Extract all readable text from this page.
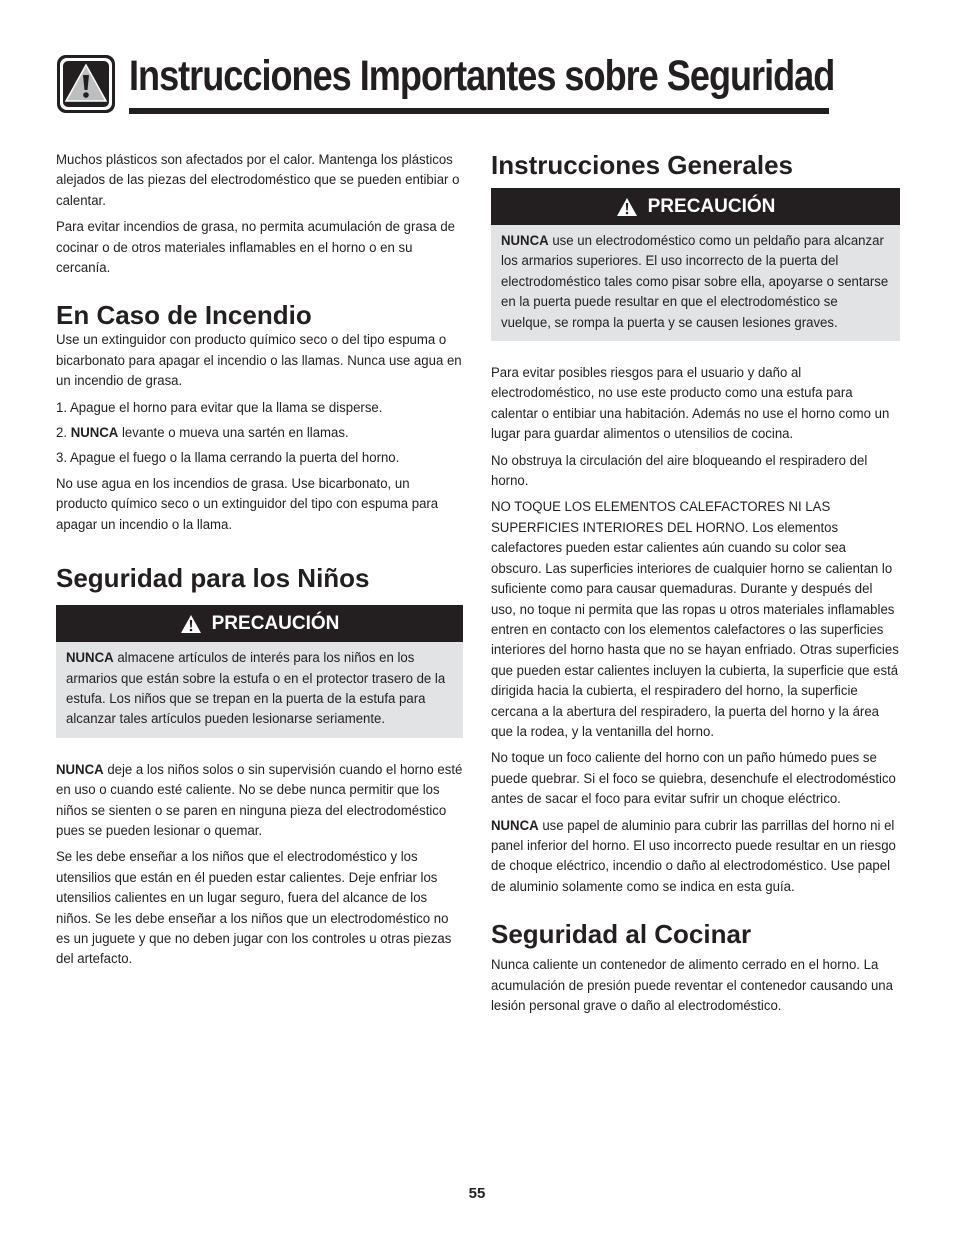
Instrucciones Importantes sobre Seguridad

Muchos plásticos son afectados por el calor. Mantenga los plásticos alejados de las piezas del electrodoméstico que se pueden entibiar o calentar.

Para evitar incendios de grasa, no permita acumulación de grasa de cocinar o de otros materiales inflamables en el horno o en su cercanía.

En Caso de Incendio

Use un extinguidor con producto químico seco o del tipo espuma o bicarbonato para apagar el incendio o las llamas. Nunca use agua en un incendio de grasa.

1. Apague el horno para evitar que la llama se disperse.
2. NUNCA levante o mueva una sartén en llamas.
3. Apague el fuego o la llama cerrando la puerta del horno.

No use agua en los incendios de grasa. Use bicarbonato, un producto químico seco o un extinguidor del tipo con espuma para apagar un incendio o la llama.

Seguridad para los Niños
PRECAUCIÓN

NUNCA almacene artículos de interés para los niños en los armarios que están sobre la estufa o en el protector trasero de la estufa. Los niños que se trepan en la puerta de la estufa para alcanzar tales artículos pueden lesionarse seriamente.

NUNCA deje a los niños solos o sin supervisión cuando el horno esté en uso o cuando esté caliente. No se debe nunca permitir que los niños se sienten o se paren en ninguna pieza del electrodoméstico pues se pueden lesionar o quemar.

Se les debe enseñar a los niños que el electrodoméstico y los utensilios que están en él pueden estar calientes. Deje enfriar los utensilios calientes en un lugar seguro, fuera del alcance de los niños. Se les debe enseñar a los niños que un electrodoméstico no es un juguete y que no deben jugar con los controles u otras piezas del artefacto.

Instrucciones Generales
PRECAUCIÓN

NUNCA use un electrodoméstico como un peldaño para alcanzar los armarios superiores. El uso incorrecto de la puerta del electrodoméstico tales como pisar sobre ella, apoyarse o sentarse en la puerta puede resultar en que el electrodoméstico se vuelque, se rompa la puerta y se causen lesiones graves.

Para evitar posibles riesgos para el usuario y daño al electrodoméstico, no use este producto como una estufa para calentar o entibiar una habitación. Además no use el horno como un lugar para guardar alimentos o utensilios de cocina.

No obstruya la circulación del aire bloqueando el respiradero del horno.

NO TOQUE LOS ELEMENTOS CALEFACTORES NI LAS SUPERFICIES INTERIORES DEL HORNO. Los elementos calefactores pueden estar calientes aún cuando su color sea obscuro. Las superficies interiores de cualquier horno se calientan lo suficiente como para causar quemaduras. Durante y después del uso, no toque ni permita que las ropas u otros materiales inflamables entren en contacto con los elementos calefactores o las superficies interiores del horno hasta que no se hayan enfriado. Otras superficies que pueden estar calientes incluyen la cubierta, la superficie que está dirigida hacia la cubierta, el respiradero del horno, la superficie cercana a la abertura del respiradero, la puerta del horno y la área que la rodea, y la ventanilla del horno.

No toque un foco caliente del horno con un paño húmedo pues se puede quebrar. Si el foco se quiebra, desenchufe el electrodoméstico antes de sacar el foco para evitar sufrir un choque eléctrico.

NUNCA use papel de aluminio para cubrir las parrillas del horno ni el panel inferior del horno. El uso incorrecto puede resultar en un riesgo de choque eléctrico, incendio o daño al electrodoméstico. Use papel de aluminio solamente como se indica en esta guía.

Seguridad al Cocinar

Nunca caliente un contenedor de alimento cerrado en el horno. La acumulación de presión puede reventar el contenedor causando una lesión personal grave o daño al electrodoméstico.

55
